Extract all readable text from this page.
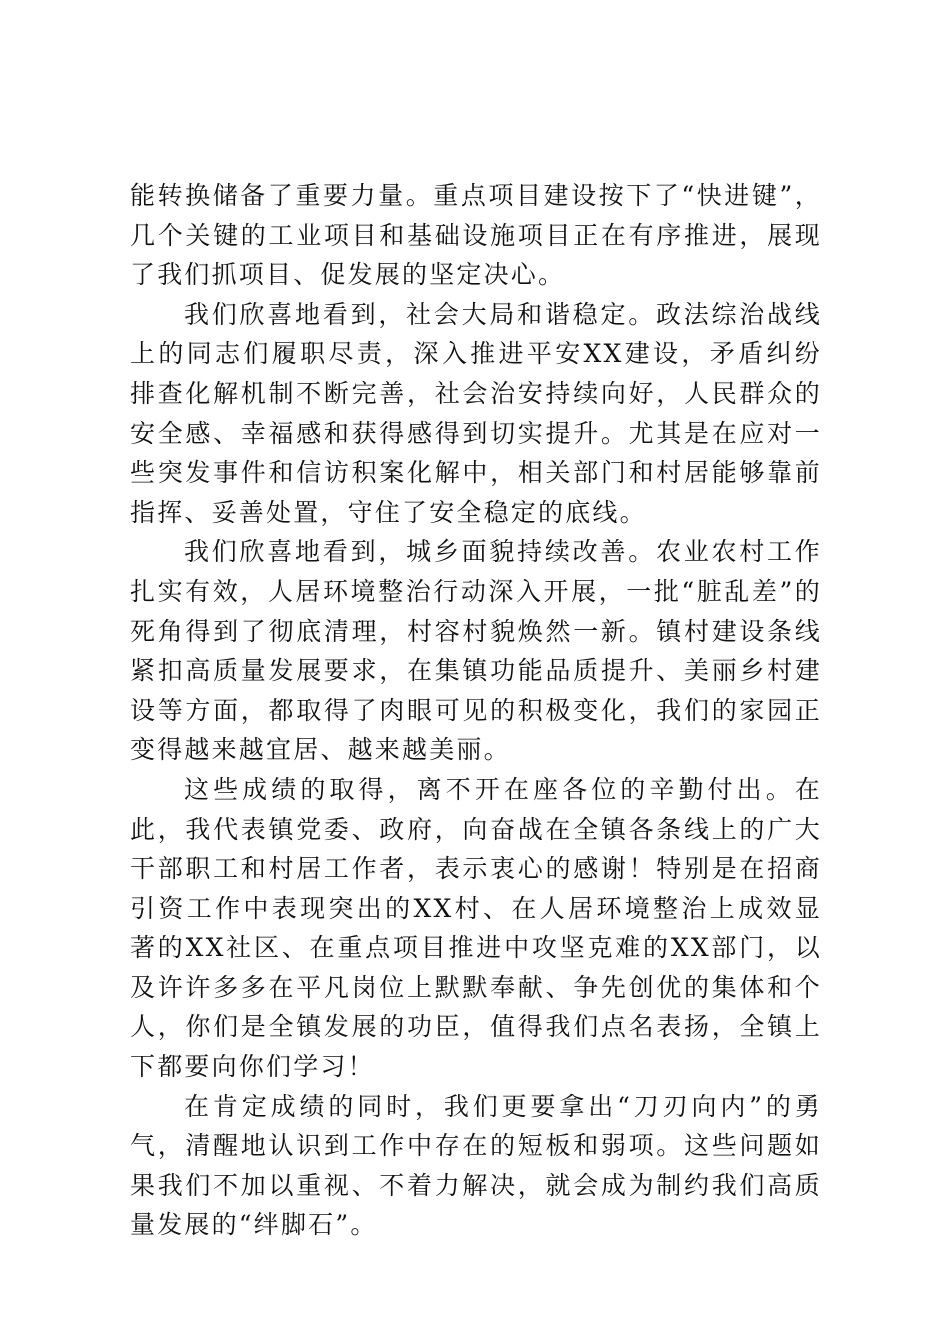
能转换储备了重要力量。重点项目建设按下了“快进键”，几个关键的工业项目和基础设施项目正在有序推进，展现了我们抓项目、促发展的坚定决心。

我们欣喜地看到，社会大局和谐稳定。政法综治战线上的同志们履职尽责，深入推进平安XX建设，矛盾纠纷排查化解机制不断完善，社会治安持续向好，人民群众的安全感、幸福感和获得感得到切实提升。尤其是在应对一些突发事件和信访积案化解中，相关部门和村居能够靠前指挥、妥善处置，守住了安全稳定的底线。

我们欣喜地看到，城乡面貌持续改善。农业农村工作扎实有效，人居环境整治行动深入开展，一批“脏乱差”的死角得到了彻底清理，村容村貌焕然一新。镇村建设条线紧扣高质量发展要求，在集镇功能品质提升、美丽乡村建设等方面，都取得了肉眼可见的积极变化，我们的家园正变得越来越宜居、越来越美丽。

这些成绩的取得，离不开在座各位的辛勤付出。在此，我代表镇党委、政府，向奋战在全镇各条线上的广大干部职工和村居工作者，表示衷心的感谢！特别是在招商引资工作中表现突出的XX村、在人居环境整治上成效显著的XX社区、在重点项目推进中攻坚克难的XX部门，以及许许多多在平凡岗位上默默奉献、争先创优的集体和个人，你们是全镇发展的功臣，值得我们点名表扬，全镇上下都要向你们学习！

在肯定成绩的同时，我们更要拿出“刀刃向内”的勇气，清醒地认识到工作中存在的短板和弱项。这些问题如果我们不加以重视、不着力解决，就会成为制约我们高质量发展的“绊脚石”。
